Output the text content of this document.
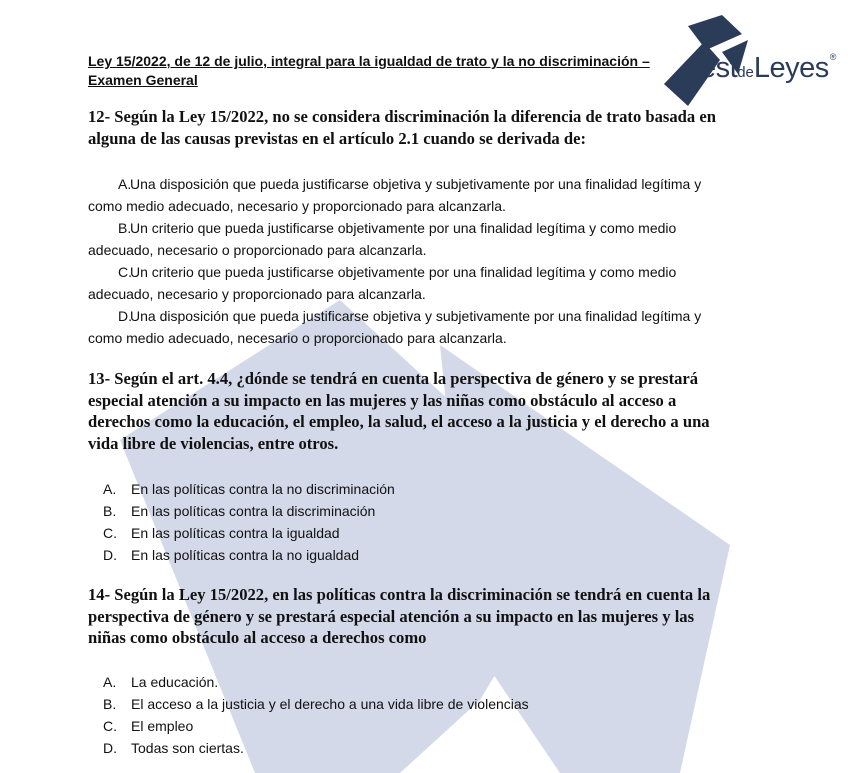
Ley 15/2022, de 12 de julio, integral para la igualdad de trato y la no discriminación – Examen General	estdeLeyes®

12- Según la Ley 15/2022, no se considera discriminación la diferencia de trato basada en alguna de las causas previstas en el artículo 2.1 cuando se derivada de:

A.Una disposición que pueda justificarse objetiva y subjetivamente por una finalidad legítima y como medio adecuado, necesario y proporcionado para alcanzarla.
B.Un criterio que pueda justificarse objetivamente por una finalidad legítima y como medio adecuado, necesario o proporcionado para alcanzarla.
C.Un criterio que pueda justificarse objetivamente por una finalidad legítima y como medio adecuado, necesario y proporcionado para alcanzarla.
D.Una disposición que pueda justificarse objetiva y subjetivamente por una finalidad legítima y como medio adecuado, necesario o proporcionado para alcanzarla.

13- Según el art. 4.4, ¿dónde se tendrá en cuenta la perspectiva de género y se prestará especial atención a su impacto en las mujeres y las niñas como obstáculo al acceso a derechos como la educación, el empleo, la salud, el acceso a la justicia y el derecho a una vida libre de violencias, entre otros.

A. En las políticas contra la no discriminación
B. En las políticas contra la discriminación
C. En las políticas contra la igualdad
D. En las políticas contra la no igualdad

14- Según la Ley 15/2022, en las políticas contra la discriminación se tendrá en cuenta la perspectiva de género y se prestará especial atención a su impacto en las mujeres y las niñas como obstáculo al acceso a derechos como

A. La educación.
B. El acceso a la justicia y el derecho a una vida libre de violencias
C. El empleo
D. Todas son ciertas.
